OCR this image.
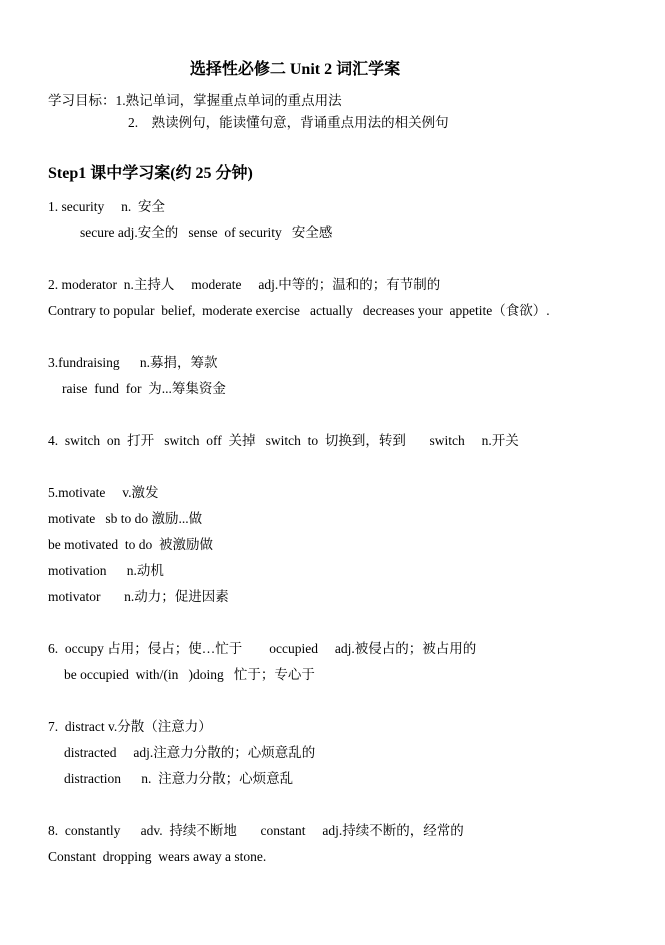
选择性必修二 Unit 2 词汇学案
学习目标：1.熟记单词，掌握重点单词的重点用法
2.    熟读例句，能读懂句意，背诵重点用法的相关例句
Step1 课中学习案(约 25 分钟)
1. security     n.  安全
secure adj.安全的   sense  of security   安全感
2. moderator  n.主持人     moderate     adj.中等的；温和的；有节制的
Contrary to popular  belief,  moderate exercise   actually   decreases your  appetite（食欲）.
3.fundraising      n.募捐，筹款
raise  fund  for  为...筹集资金
4.  switch  on  打开   switch  off  关掉   switch  to  切换到，转到       switch     n.开关
5.motivate     v.激发
motivate   sb to do 激励...做
be motivated  to do  被激励做
motivation      n.动机
motivator       n.动力；促进因素
6.  occupy 占用；侵占；使…忙于        occupied     adj.被侵占的；被占用的
be occupied  with/(in   )doing   忙于；专心于
7.  distract v.分散（注意力）
distracted     adj.注意力分散的；心烦意乱的
distraction      n.  注意力分散；心烦意乱
8.  constantly      adv.  持续不断地       constant     adj.持续不断的，经常的
Constant  dropping  wears away a stone.
